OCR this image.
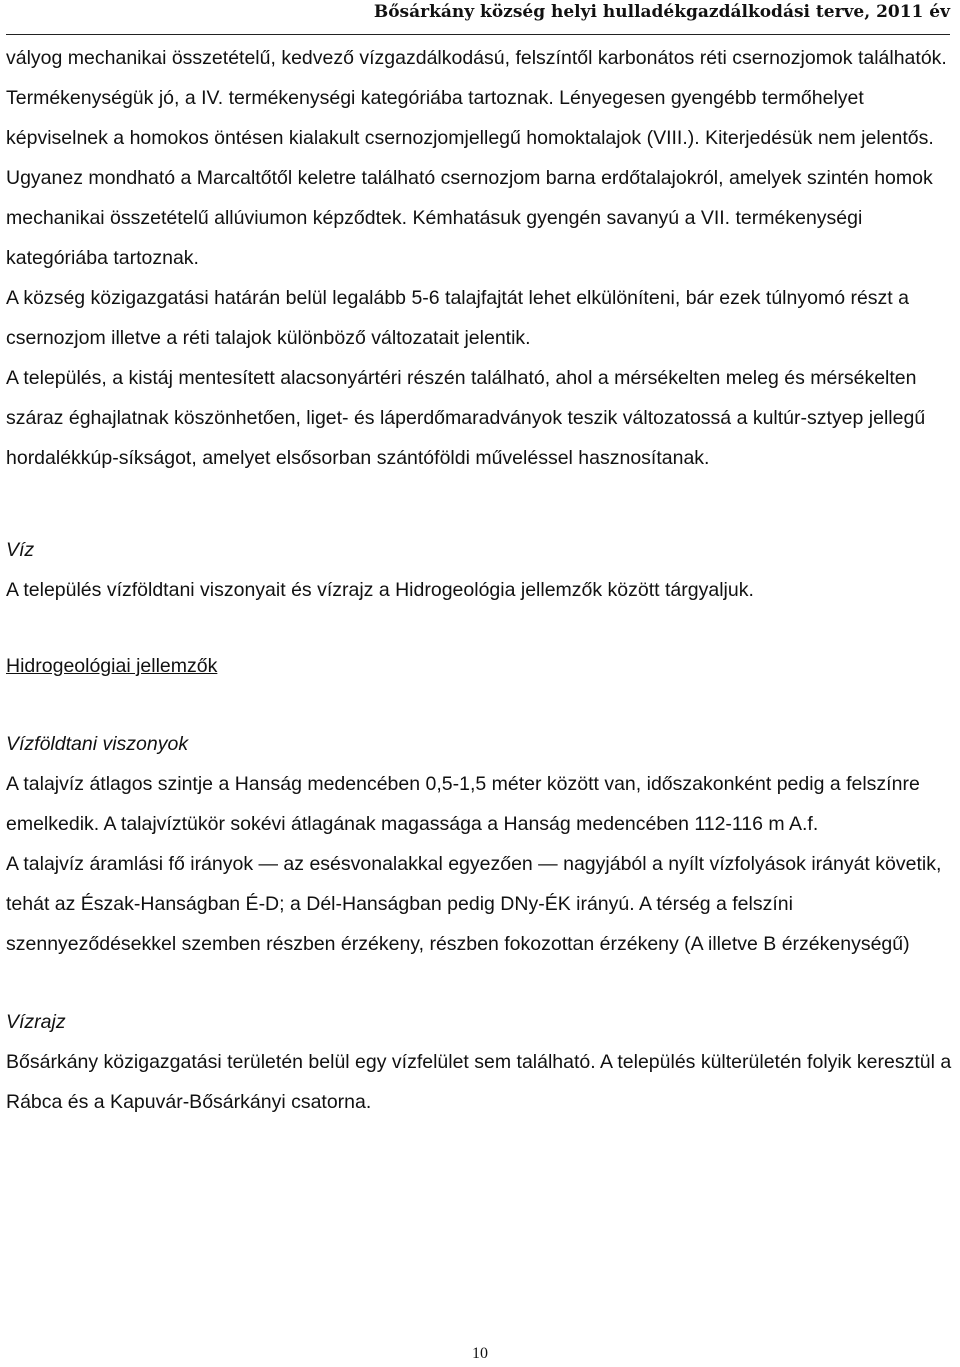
Bősárkány község helyi hulladékgazdálkodási terve, 2011 év

vályog mechanikai összetételű, kedvező vízgazdálkodású, felszíntől karbonátos réti csernozjomok találhatók. Termékenységük jó, a IV. termékenységi kategóriába tartoznak. Lényegesen gyengébb termőhelyet képviselnek a homokos öntésen kialakult csernozjomjellegű homoktalajok (VIII.). Kiterjedésük nem jelentős. Ugyanez mondható a Marcaltőtől keletre található csernozjom barna erdőtalajokról, amelyek szintén homok mechanikai összetételű allúviumon képződtek. Kémhatásuk gyengén savanyú a VII. termékenységi kategóriába tartoznak.

A község közigazgatási határán belül legalább 5-6 talajfajtát lehet elkülöníteni, bár ezek túlnyomó részt a csernozjom illetve a réti talajok különböző változatait jelentik.

A település, a kistáj mentesített alacsonyártéri részén található, ahol a mérsékelten meleg és mérsékelten száraz éghajlatnak köszönhetően, liget- és láperdőmaradványok teszik változatossá a kultúr-sztyep jellegű hordalékkúp-síkságot, amelyet elsősorban szántóföldi műveléssel hasznosítanak.

Víz

A település vízföldtani viszonyait és vízrajz a Hidrogeológia jellemzők között tárgyaljuk.

Hidrogeológiai jellemzők

Vízföldtani viszonyok

A talajvíz átlagos szintje a Hanság medencében 0,5-1,5 méter között van, időszakonként pedig a felszínre emelkedik. A talajvíztükör sokévi átlagának magassága a Hanság medencében 112-116 m A.f.

A talajvíz áramlási fő irányok — az esésvonalakkal egyezően — nagyjából a nyílt vízfolyások irányát követik, tehát az Észak-Hanságban É-D; a Dél-Hanságban pedig DNy-ÉK irányú. A térség a felszíni szennyeződésekkel szemben részben érzékeny, részben fokozottan érzékeny (A illetve B érzékenységű)

Vízrajz

Bősárkány közigazgatási területén belül egy vízfelület sem található. A település külterületén folyik keresztül a Rábca és a Kapuvár-Bősárkányi csatorna.

10
